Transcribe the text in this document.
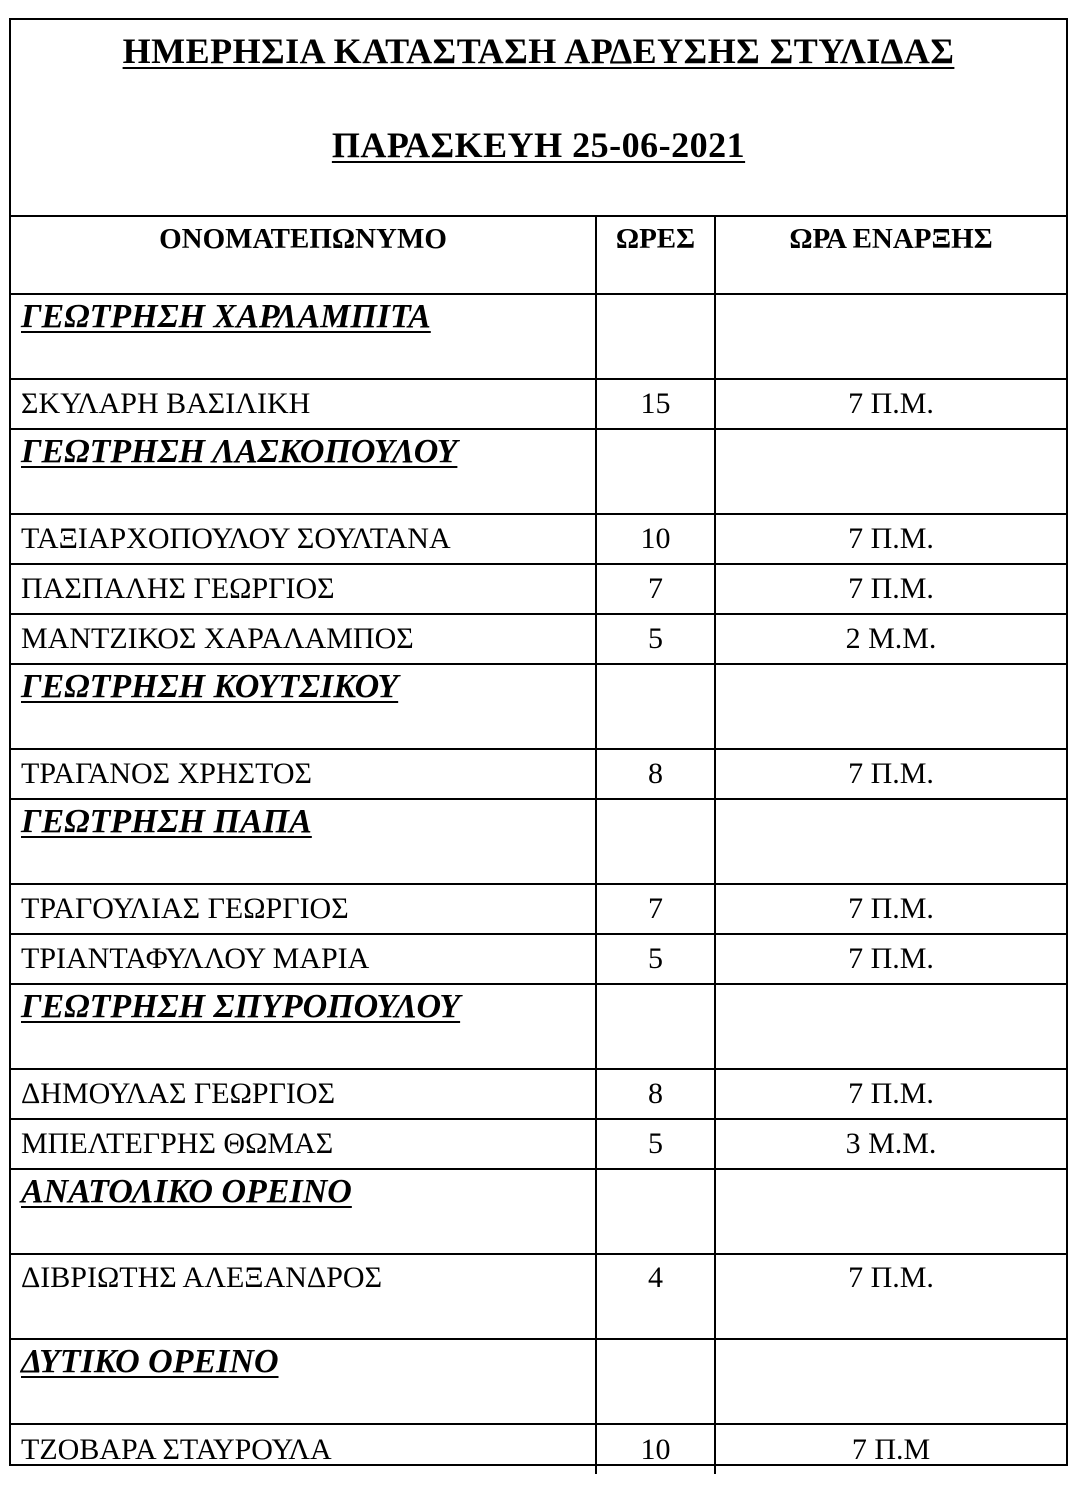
ΗΜΕΡΗΣΙΑ ΚΑΤΑΣΤΑΣΗ ΑΡΔΕΥΣΗΣ ΣΤΥΛΙΔΑΣ
ΠΑΡΑΣΚΕΥΗ 25-06-2021
ΟΝΟΜΑΤΕΠΩΝΥΜΟ	ΩΡΕΣ	ΩΡΑ ΕΝΑΡΞΗΣ
ΓΕΩΤΡΗΣΗ ΧΑΡΛΑΜΠΙΤΑ		
ΣΚΥΛΑΡΗ ΒΑΣΙΛΙΚΗ	15	7 Π.Μ.
ΓΕΩΤΡΗΣΗ ΛΑΣΚΟΠΟΥΛΟΥ		
ΤΑΞΙΑΡΧΟΠΟΥΛΟΥ ΣΟΥΛΤΑΝΑ	10	7 Π.Μ.
ΠΑΣΠΑΛΗΣ ΓΕΩΡΓΙΟΣ	7	7 Π.Μ.
ΜΑΝΤΖΙΚΟΣ ΧΑΡΑΛΑΜΠΟΣ	5	2 Μ.Μ.
ΓΕΩΤΡΗΣΗ ΚΟΥΤΣΙΚΟΥ		
ΤΡΑΓΑΝΟΣ ΧΡΗΣΤΟΣ	8	7 Π.Μ.
ΓΕΩΤΡΗΣΗ ΠΑΠΑ		
ΤΡΑΓΟΥΛΙΑΣ ΓΕΩΡΓΙΟΣ	7	7 Π.Μ.
ΤΡΙΑΝΤΑΦΥΛΛΟΥ ΜΑΡΙΑ	5	7 Π.Μ.
ΓΕΩΤΡΗΣΗ ΣΠΥΡΟΠΟΥΛΟΥ		
ΔΗΜΟΥΛΑΣ ΓΕΩΡΓΙΟΣ	8	7 Π.Μ.
ΜΠΕΛΤΕΓΡΗΣ ΘΩΜΑΣ	5	3 Μ.Μ.
ΑΝΑΤΟΛΙΚΟ ΟΡΕΙΝΟ		
ΔΙΒΡΙΩΤΗΣ ΑΛΕΞΑΝΔΡΟΣ	4	7 Π.Μ.
ΔΥΤΙΚΟ ΟΡΕΙΝΟ		
ΤΖΟΒΑΡΑ ΣΤΑΥΡΟΥΛΑ	10	7 Π.Μ
